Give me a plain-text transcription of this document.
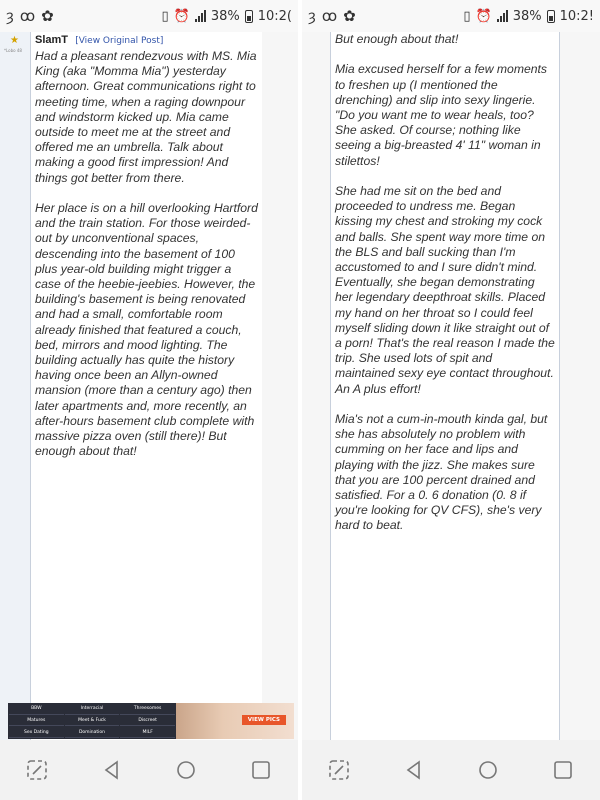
ȝ ꝏ ✿	▯ ⏰ 38% 10:2(
★
*Lobo 48
SlamT [View Original Post]

Had a pleasant rendezvous with MS. Mia King (aka "Momma Mia") yesterday afternoon. Great communications right to meeting time, when a raging downpour and windstorm kicked up. Mia came outside to meet me at the street and offered me an umbrella. Talk about making a good first impression! And things got better from there.

Her place is on a hill overlooking Hartford and the train station. For those weirded-out by unconventional spaces, descending into the basement of 100 plus year-old building might trigger a case of the heebie-jeebies. However, the building's basement is being renovated and had a small, comfortable room already finished that featured a couch, bed, mirrors and mood lighting. The building actually has quite the history having once been an Allyn-owned mansion (more than a century ago) then later apartments and, more recently, an after-hours basement club complete with massive pizza oven (still there)! But enough about that!

BBW	Interracial	Threesomes
Matures	Meet & Fuck	Discreet
Sex Dating	Domination	MILF
VIEW PICS
ȝ ꝏ ✿	▯ ⏰ 38% 10:2!

But enough about that!

Mia excused herself for a few moments to freshen up (I mentioned the drenching) and slip into sexy lingerie. "Do you want me to wear heals, too? She asked. Of course; nothing like seeing a big-breasted 4' 11" woman in stilettos!

She had me sit on the bed and proceeded to undress me. Began kissing my chest and stroking my cock and balls. She spent way more time on the BLS and ball sucking than I'm accustomed to and I sure didn't mind. Eventually, she began demonstrating her legendary deepthroat skills. Placed my hand on her throat so I could feel myself sliding down it like straight out of a porn! That's the real reason I made the trip. She used lots of spit and maintained sexy eye contact throughout. An A plus effort!

Mia's not a cum-in-mouth kinda gal, but she has absolutely no problem with cumming on her face and lips and playing with the jizz. She makes sure that you are 100 percent drained and satisfied. For a 0. 6 donation (0. 8 if you're looking for QV CFS), she's very hard to beat.
